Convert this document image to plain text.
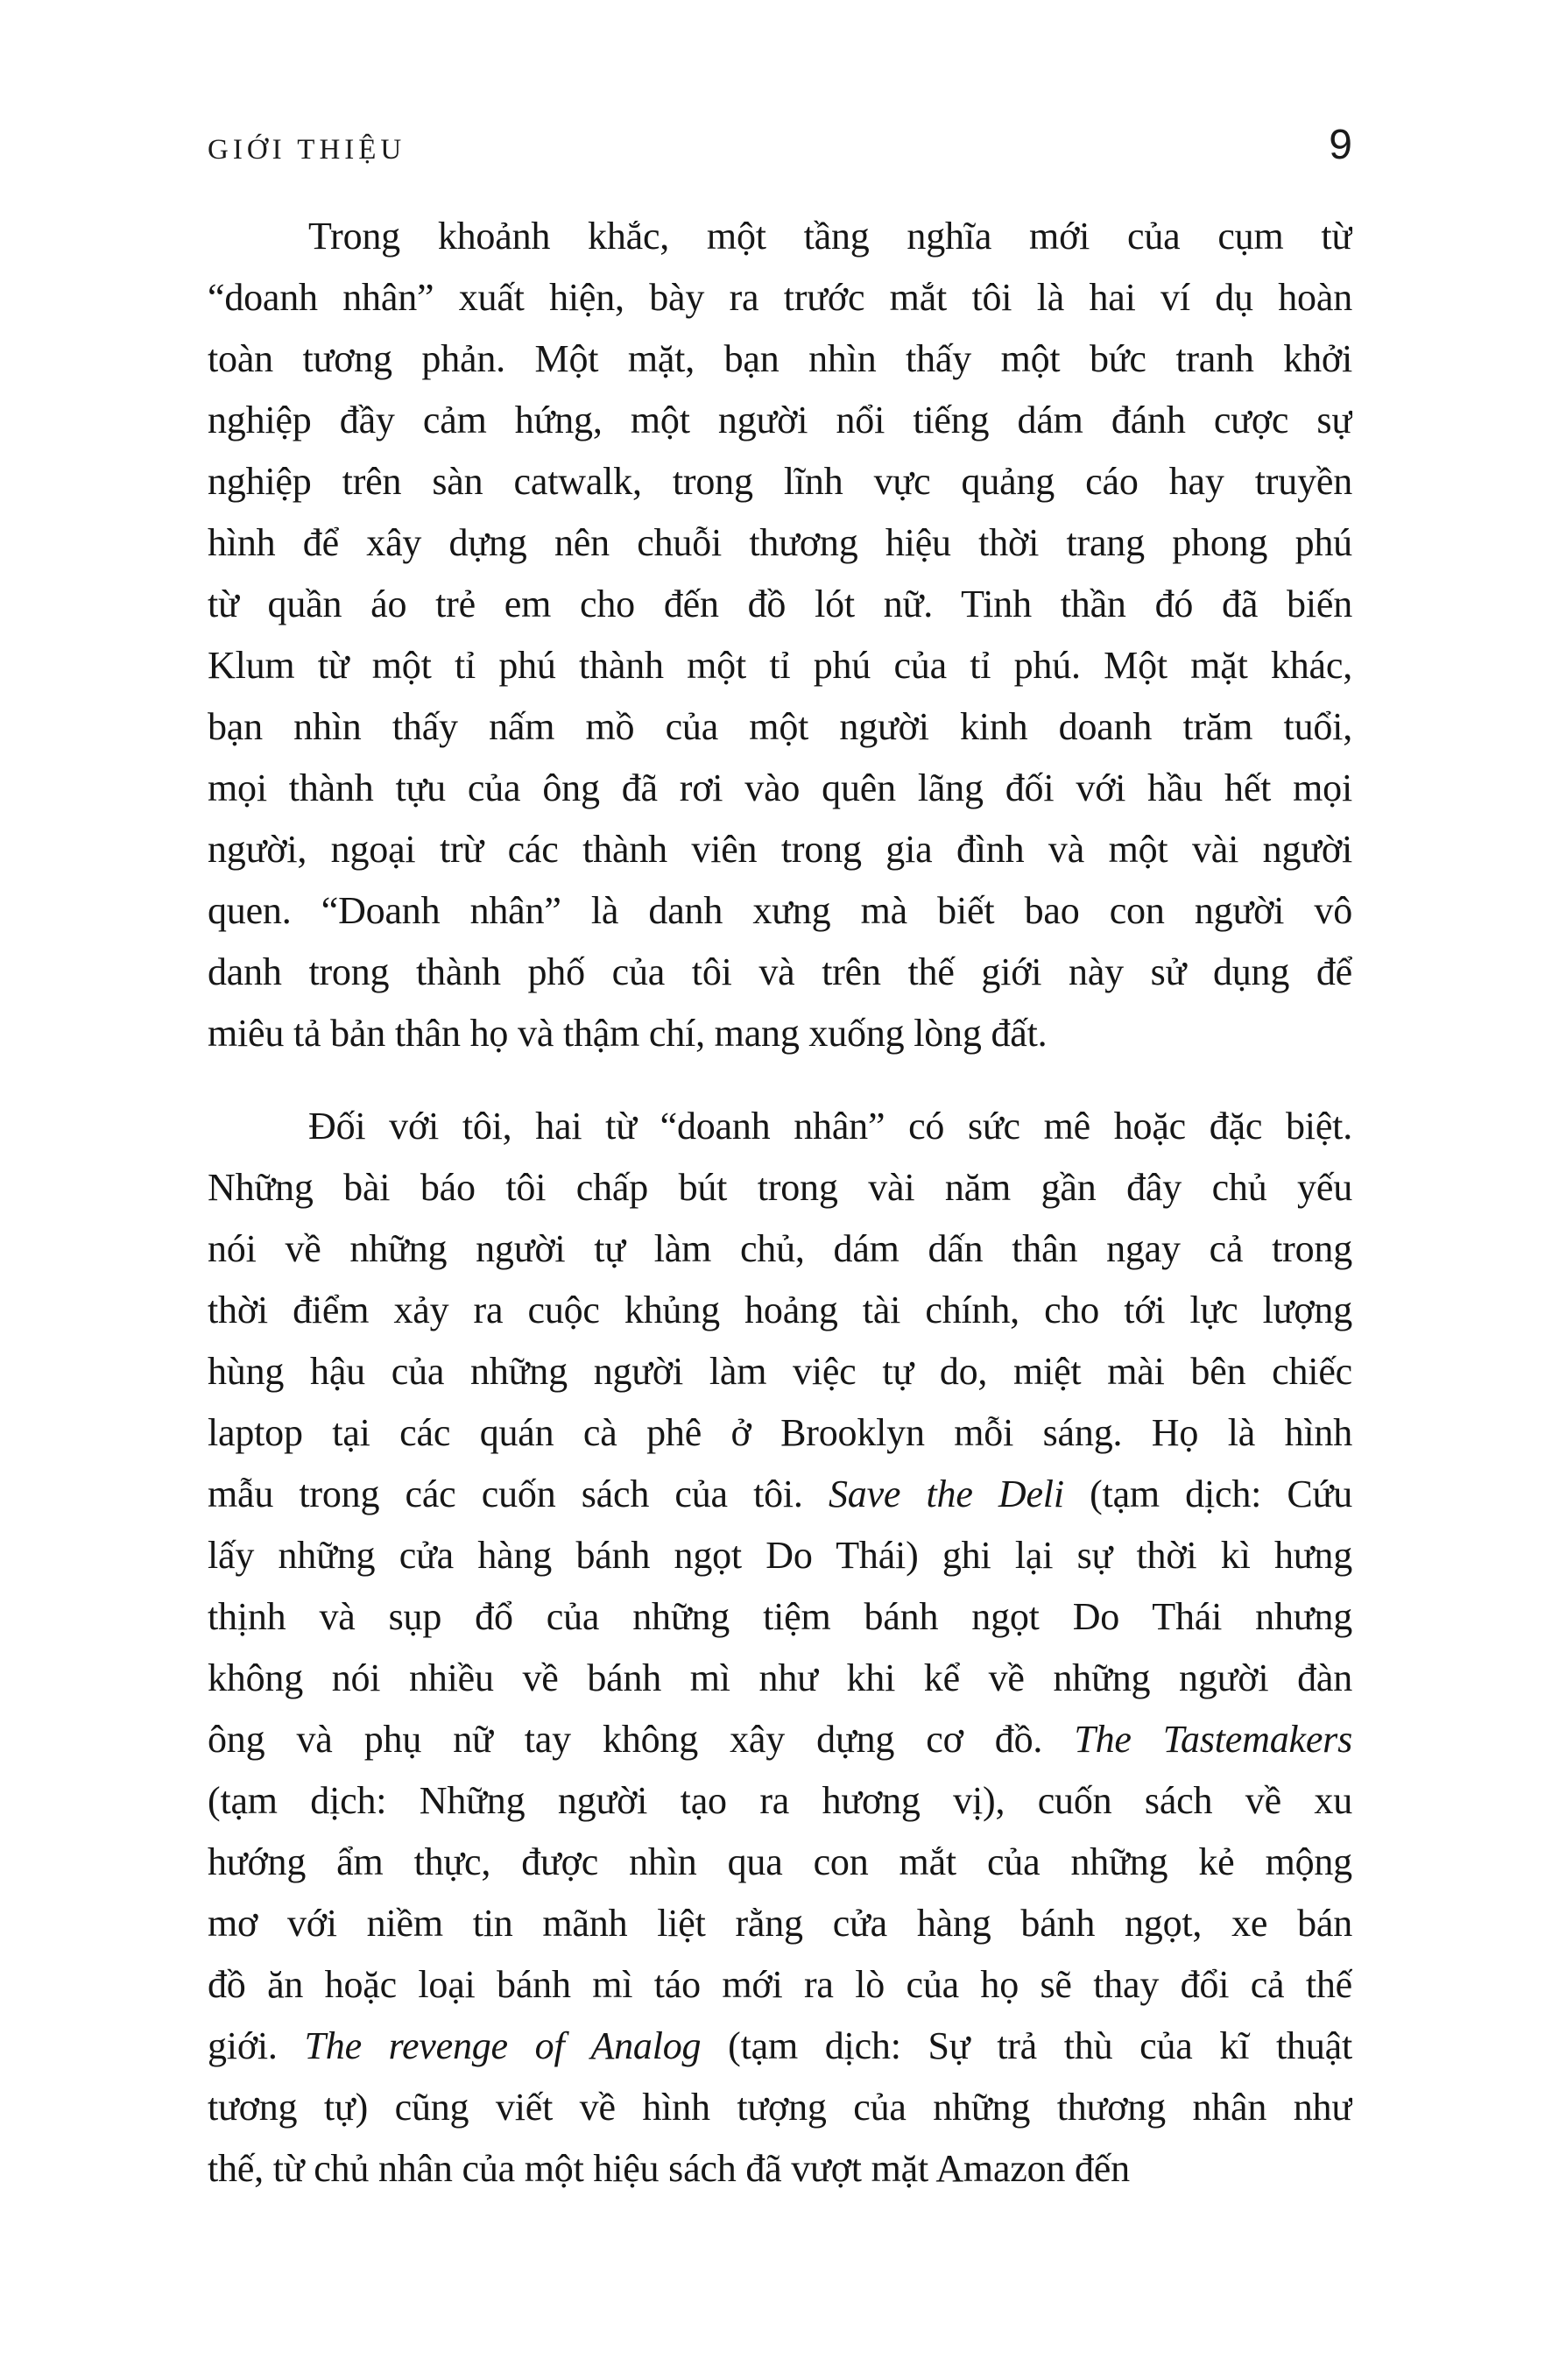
GIỚI THIỆU	9
Trong khoảnh khắc, một tầng nghĩa mới của cụm từ
“doanh nhân” xuất hiện, bày ra trước mắt tôi là hai ví dụ hoàn
toàn tương phản. Một mặt, bạn nhìn thấy một bức tranh khởi
nghiệp đầy cảm hứng, một người nổi tiếng dám đánh cược sự
nghiệp trên sàn catwalk, trong lĩnh vực quảng cáo hay truyền
hình để xây dựng nên chuỗi thương hiệu thời trang phong phú
từ quần áo trẻ em cho đến đồ lót nữ. Tinh thần đó đã biến
Klum từ một tỉ phú thành một tỉ phú của tỉ phú. Một mặt khác,
bạn nhìn thấy nấm mồ của một người kinh doanh trăm tuổi,
mọi thành tựu của ông đã rơi vào quên lãng đối với hầu hết mọi
người, ngoại trừ các thành viên trong gia đình và một vài người
quen. “Doanh nhân” là danh xưng mà biết bao con người vô
danh trong thành phố của tôi và trên thế giới này sử dụng để
miêu tả bản thân họ và thậm chí, mang xuống lòng đất.
Đối với tôi, hai từ “doanh nhân” có sức mê hoặc đặc biệt.
Những bài báo tôi chấp bút trong vài năm gần đây chủ yếu
nói về những người tự làm chủ, dám dấn thân ngay cả trong
thời điểm xảy ra cuộc khủng hoảng tài chính, cho tới lực lượng
hùng hậu của những người làm việc tự do, miệt mài bên chiếc
laptop tại các quán cà phê ở Brooklyn mỗi sáng. Họ là hình
mẫu trong các cuốn sách của tôi. Save the Deli (tạm dịch: Cứu
lấy những cửa hàng bánh ngọt Do Thái) ghi lại sự thời kì hưng
thịnh và sụp đổ của những tiệm bánh ngọt Do Thái nhưng
không nói nhiều về bánh mì như khi kể về những người đàn
ông và phụ nữ tay không xây dựng cơ đồ. The Tastemakers
(tạm dịch: Những người tạo ra hương vị), cuốn sách về xu
hướng ẩm thực, được nhìn qua con mắt của những kẻ mộng
mơ với niềm tin mãnh liệt rằng cửa hàng bánh ngọt, xe bán
đồ ăn hoặc loại bánh mì táo mới ra lò của họ sẽ thay đổi cả thế
giới. The revenge of Analog (tạm dịch: Sự trả thù của kĩ thuật
tương tự) cũng viết về hình tượng của những thương nhân như
thế, từ chủ nhân của một hiệu sách đã vượt mặt Amazon đến
